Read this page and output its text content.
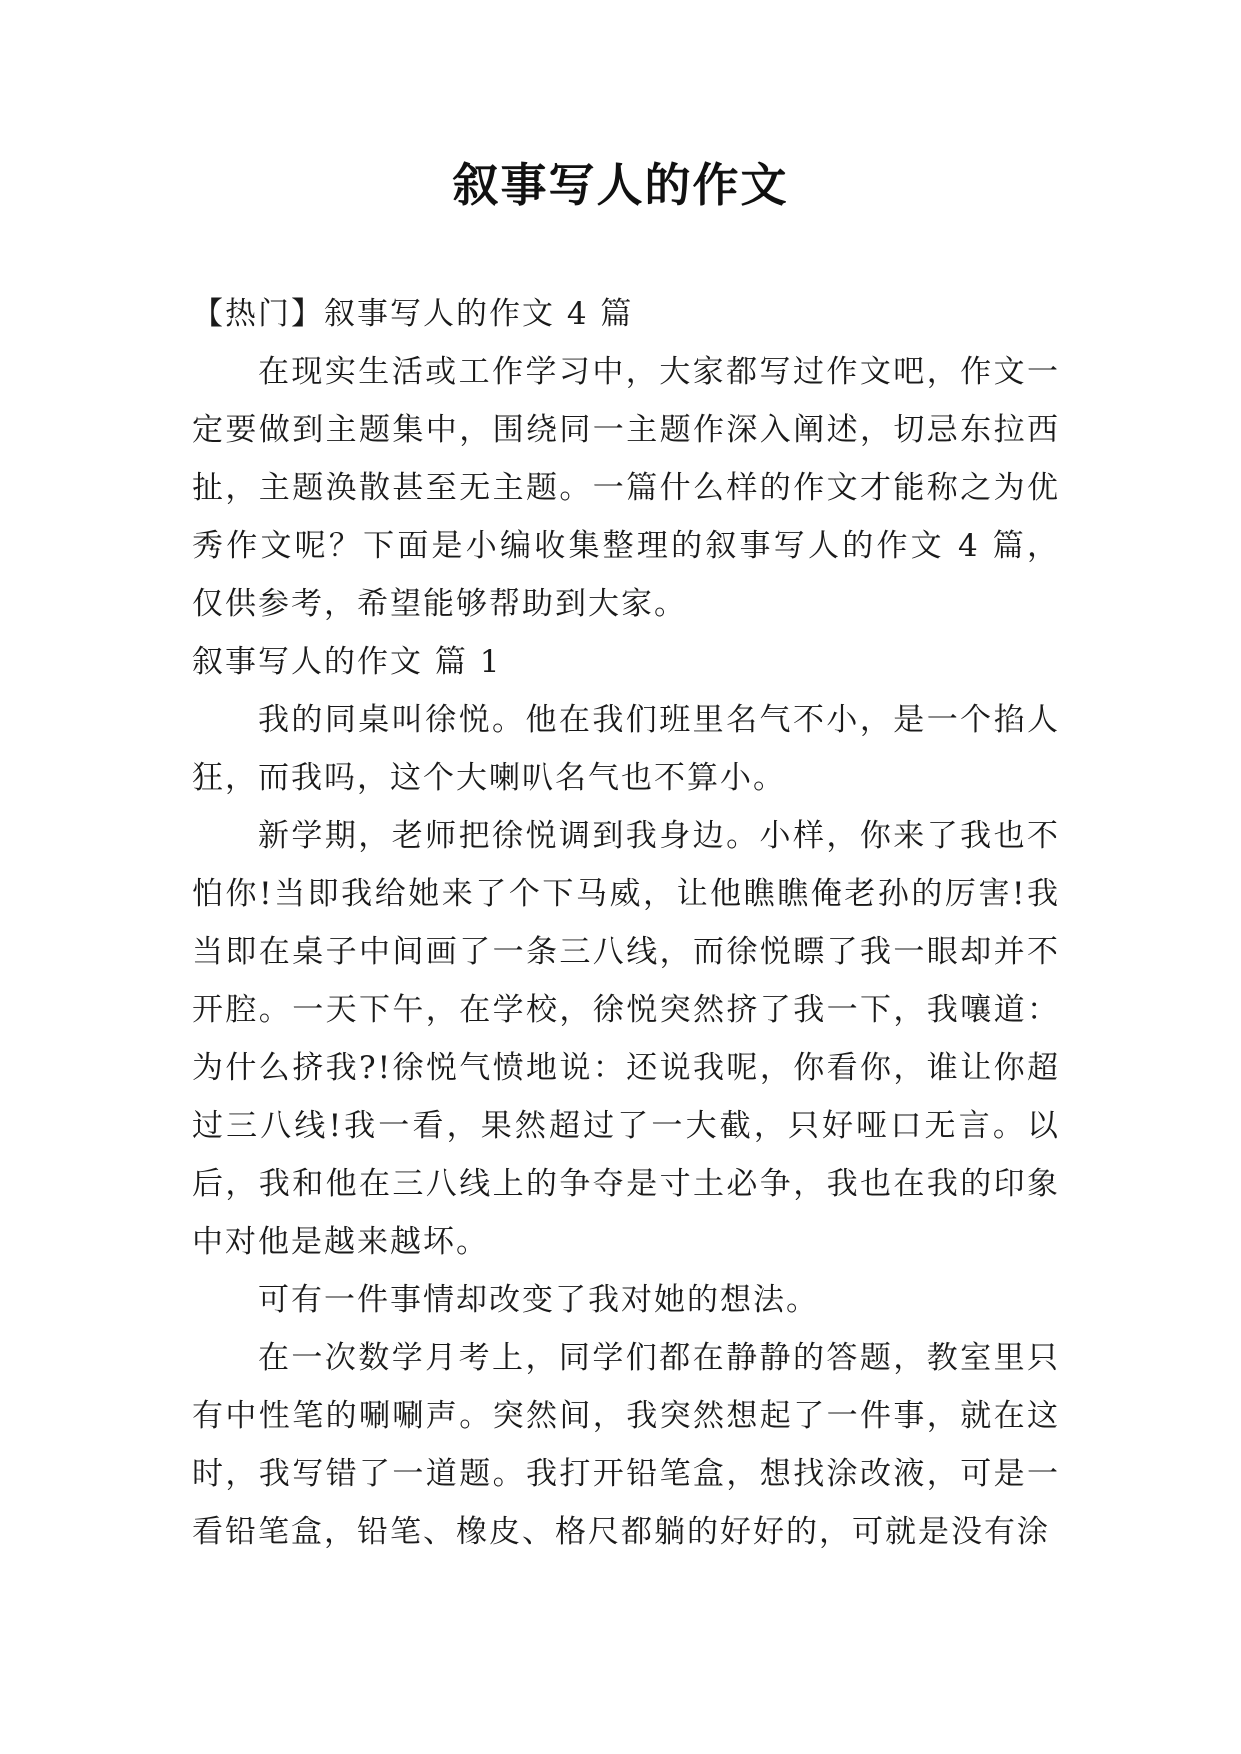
叙事写人的作文

【热门】叙事写人的作文 4 篇

在现实生活或工作学习中，大家都写过作文吧，作文一定要做到主题集中，围绕同一主题作深入阐述，切忌东拉西扯，主题涣散甚至无主题。一篇什么样的作文才能称之为优秀作文呢？下面是小编收集整理的叙事写人的作文 4 篇，仅供参考，希望能够帮助到大家。

叙事写人的作文 篇 1

我的同桌叫徐悦。他在我们班里名气不小，是一个掐人狂，而我吗，这个大喇叭名气也不算小。

新学期，老师把徐悦调到我身边。小样，你来了我也不怕你!当即我给她来了个下马威，让他瞧瞧俺老孙的厉害!我当即在桌子中间画了一条三八线，而徐悦瞟了我一眼却并不开腔。一天下午，在学校，徐悦突然挤了我一下，我嚷道：为什么挤我?!徐悦气愤地说：还说我呢，你看你，谁让你超过三八线!我一看，果然超过了一大截，只好哑口无言。以后，我和他在三八线上的争夺是寸土必争，我也在我的印象中对他是越来越坏。

可有一件事情却改变了我对她的想法。

在一次数学月考上，同学们都在静静的答题，教室里只有中性笔的唰唰声。突然间，我突然想起了一件事，就在这时，我写错了一道题。我打开铅笔盒，想找涂改液，可是一看铅笔盒，铅笔、橡皮、格尺都躺的好好的，可就是没有涂
